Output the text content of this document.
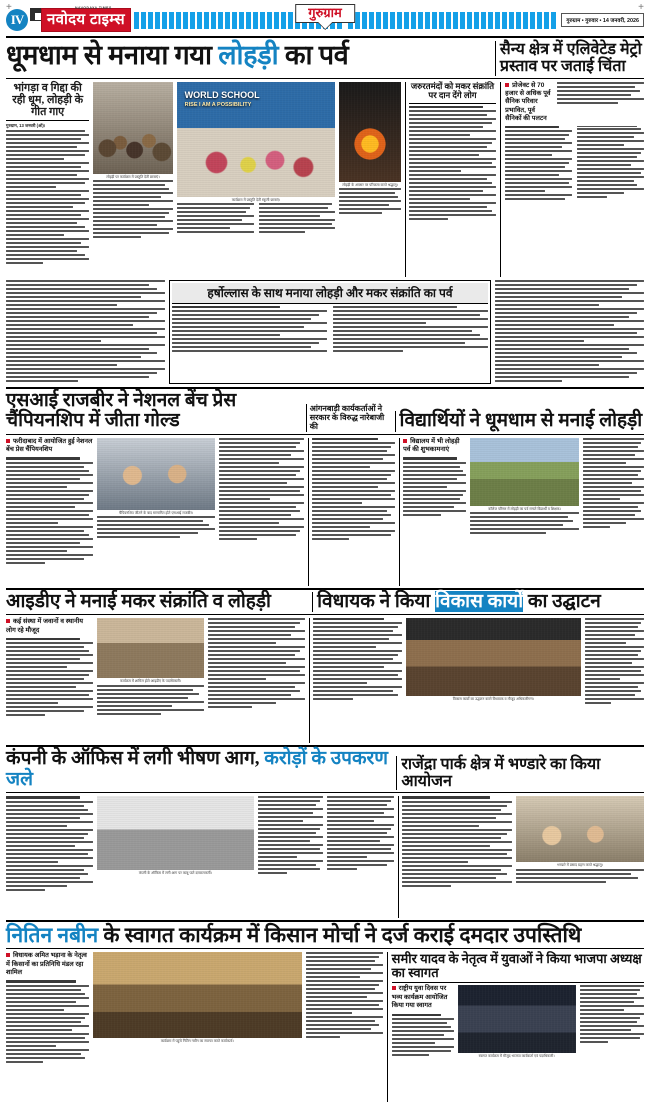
+	+
IV
NAVODAYA TIMES
नवोदय टाइम्स	गुरुग्राम
गुरुग्राम • गुरुवार • 14 जनवरी, 2026
धूमधाम से मनाया गया लोहड़ी का पर्व	सैन्य क्षेत्र में एलिवेटेड मेट्रो प्रस्ताव पर जताई चिंता
भांगड़ा व गिद्दा की रही धूम, लोहड़ी के गीत गाए
गुरुग्राम, 13 जनवरी (ओ)।
लोहड़ी पर कार्यक्रम में प्रस्तुति देती छात्राएं।
WORLD SCHOOL
RISE I AM A POSSIBILITY
कार्यक्रम में प्रस्तुति देती स्कूली छात्राएं।
लोहड़ी के अवसर पर परिक्रमा करते श्रद्धालु।
जरुरतमंदों को मकर संक्रांति पर दान देंगे लोग
प्रोजेक्ट से 70 हजार से अधिक पूर्व सैनिक परिवार प्रभावित, पूर्व सैनिकों की पलटन
हर्षोल्लास के साथ मनाया लोहड़ी और मकर संक्रांति का पर्व
एसआई राजबीर ने नेशनल बेंच प्रेस चैंपियनशिप में जीता गोल्ड
आंगनबाड़ी कार्यकर्ताओं ने सरकार के विरुद्ध नारेबाजी की	विद्यार्थियों ने धूमधाम से मनाई लोहड़ी
फरीदाबाद में आयोजित हुई नेशनल बेंच प्रेस चैंपियनशिप
चैंपियनशिप जीतने के बाद सम्मानित होते एसआई राजबीर।
विद्यालय में भी लोहड़ी पर्व की शुभकामनाएं
कॉलेज परिसर में लोहड़ी का पर्व मनाते विद्यार्थी व शिक्षक।
आइडीए ने मनाई मकर संक्रांति व लोहड़ी	विधायक ने किया विकास कार्यों का उद्घाटन
कई संस्था में जवानों व स्थानीय लोग रहे मौजूद
कार्यक्रम में शामिल होते आइडीए के पदाधिकारी।
विकास कार्यों का उद्घाटन करते विधायक व मौजूद अधिकारीगण।
कंपनी के ऑफिस में लगी भीषण आग, करोड़ों के उपकरण जले
राजेंद्रा पार्क क्षेत्र में भण्डारे का किया आयोजन
कंपनी के ऑफिस में लगी आग पर काबू पाते दमकलकर्मी।
भण्डारे में प्रसाद ग्रहण करते श्रद्धालु।
नितिन नबीन के स्वागत कार्यक्रम में किसान मोर्चा ने दर्ज कराई दमदार उपस्तिथि
विधायक अमित भड़ाना के नेतृत्व में किसानों का प्रतिनिधि मंडल रहा शामिल
कार्यक्रम में पहुंचे नितिन नबीन का स्वागत करते कार्यकर्ता।
समीर यादव के नेतृत्व में युवाओं ने किया भाजपा अध्यक्ष का स्वागत
राष्ट्रीय युवा दिवस पर भव्य कार्यक्रम आयोजित किया गया स्वागत
स्वागत कार्यक्रम में मौजूद भाजपा कार्यकर्ता एवं पदाधिकारी।
